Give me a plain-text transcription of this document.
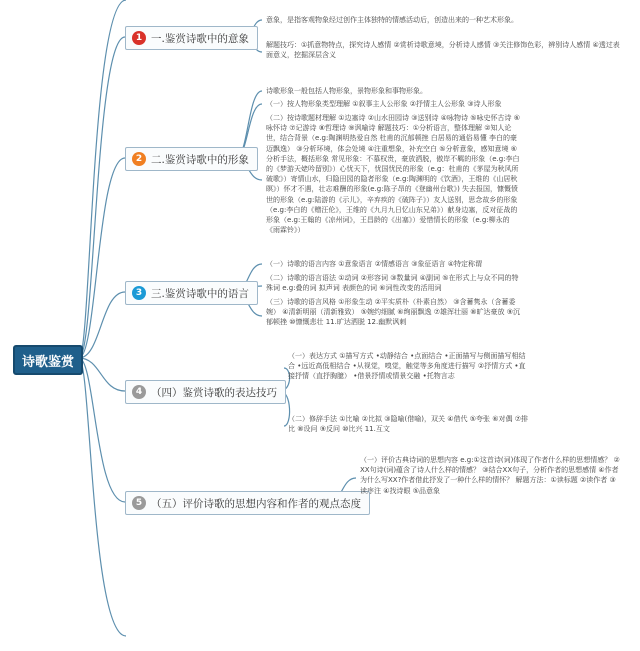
诗歌鉴赏
1 一.鉴赏诗歌中的意象
意象，是指客观物象经过创作主体独特的情感活动后，创造出来的一种艺术形象。
解题技巧：①抓意物特点，探究诗人感情 ②赏析诗歌意境，分析诗人感情 ③关注修饰色彩，辨别诗人感情 ④透过表面意义，挖掘深层含义
2 二.鉴赏诗歌中的形象
诗歌形象一般包括人物形象，景物形象和事物形象。
（一）按人物形象类型理解 ①叙事主人公形象 ②抒情主人公形象 ③诗人形象
（二）按诗歌题材理解 ①边塞诗 ②山水田园诗 ③送别诗 ④咏物诗 ⑤咏史怀古诗 ⑥咏怀诗 ⑦记游诗 ⑧哲理诗 ⑨讽喻诗 解题技巧：①分析语言，整体理解 ②知人论世，结合背景（e.g:陶渊明热爱自然 杜甫的沉郁顿挫 白居易的通俗易懂 李白的豪迈飘逸） ③分析环境，体会处境 ④注重想象，补充空白 ⑤分析意象，感知意境 ⑥分析手法，概括形象 常见形象：不慕权贵，豪放洒脱，傲岸不羁的形象（e.g:李白的《梦游天姥吟留别》）心忧天下，忧国忧民的形象（e.g：杜甫的《茅屋为秋风所破歌》）寄情山水，归隐田园的隐者形象（e.g:陶渊明的《饮酒》，王维的《山居秋暝》）怀才不遇，壮志难酬的形象(e.g:陈子昂的《登幽州台歌》) 失去报国，慷慨愤世的形象（e.g:陆游的《示儿》，辛弃疾的《破阵子》）友人送别，思念故乡的形象（e.g:李白的《赠汪伦》，王维的《九月九日忆山东兄弟》）献身边塞，反对征战的形象（e.g:王翰的《凉州词》，王昌龄的《出塞》）爱惜情长的形象（e.g:柳永的《雨霖铃》）
3 三.鉴赏诗歌中的语言
（一）诗歌的语言内容 ①意象语言 ②情感语言 ③象征语言 ④特定称谓
（二）诗歌的语言语法 ①动词 ②形容词 ③数量词 ④副词 ⑤在形式上与众不同的特殊词 e.g:叠的词 拟声词 表颜色的词 ⑥词性改变的活用词
（三）诗歌的语言风格 ①形象生动 ②平实质朴（朴素自然） ③含蓄隽永（含蓄委婉） ④清新明丽（清新雅致） ⑤婉约细腻 ⑥绚丽飘逸 ⑦雄浑壮丽 ⑧旷达豪放 ⑨沉郁顿挫 ⑩慷慨悲壮 11.旷达洒脱 12.幽默讽刺
4 （四）鉴赏诗歌的表达技巧
（一）表达方式 ①描写方式 •动静结合 •点面结合 •正面描写与侧面描写相结合 •远近高低相结合 •从视觉，嗅觉，触觉等多角度进行描写 ②抒情方式 •直接抒情（直抒胸臆） •借景抒情或情景交融 •托物言志
（二）修辞手法 ①比喻 ②比拟 ③隐喻(借喻)，双关 ④借代 ⑤夸张 ⑥对偶 ⑦排比 ⑧设问 ⑨反问 ⑩比兴 11.互文
5 （五）评价诗歌的思想内容和作者的观点态度
（一）评价古典诗词的思想内容 e.g:①这首诗(词)体现了作者什么样的思想情感？ ②XX句诗(词)蕴含了诗人什么样的情感？ ③结合XX句子，分析作者的思想感情 ④作者为什么写XX?作者借此抒发了一种什么样的情怀？ 解题方法：①读标题 ②读作者 ③读序注 ④找诗眼 ⑤品意象
